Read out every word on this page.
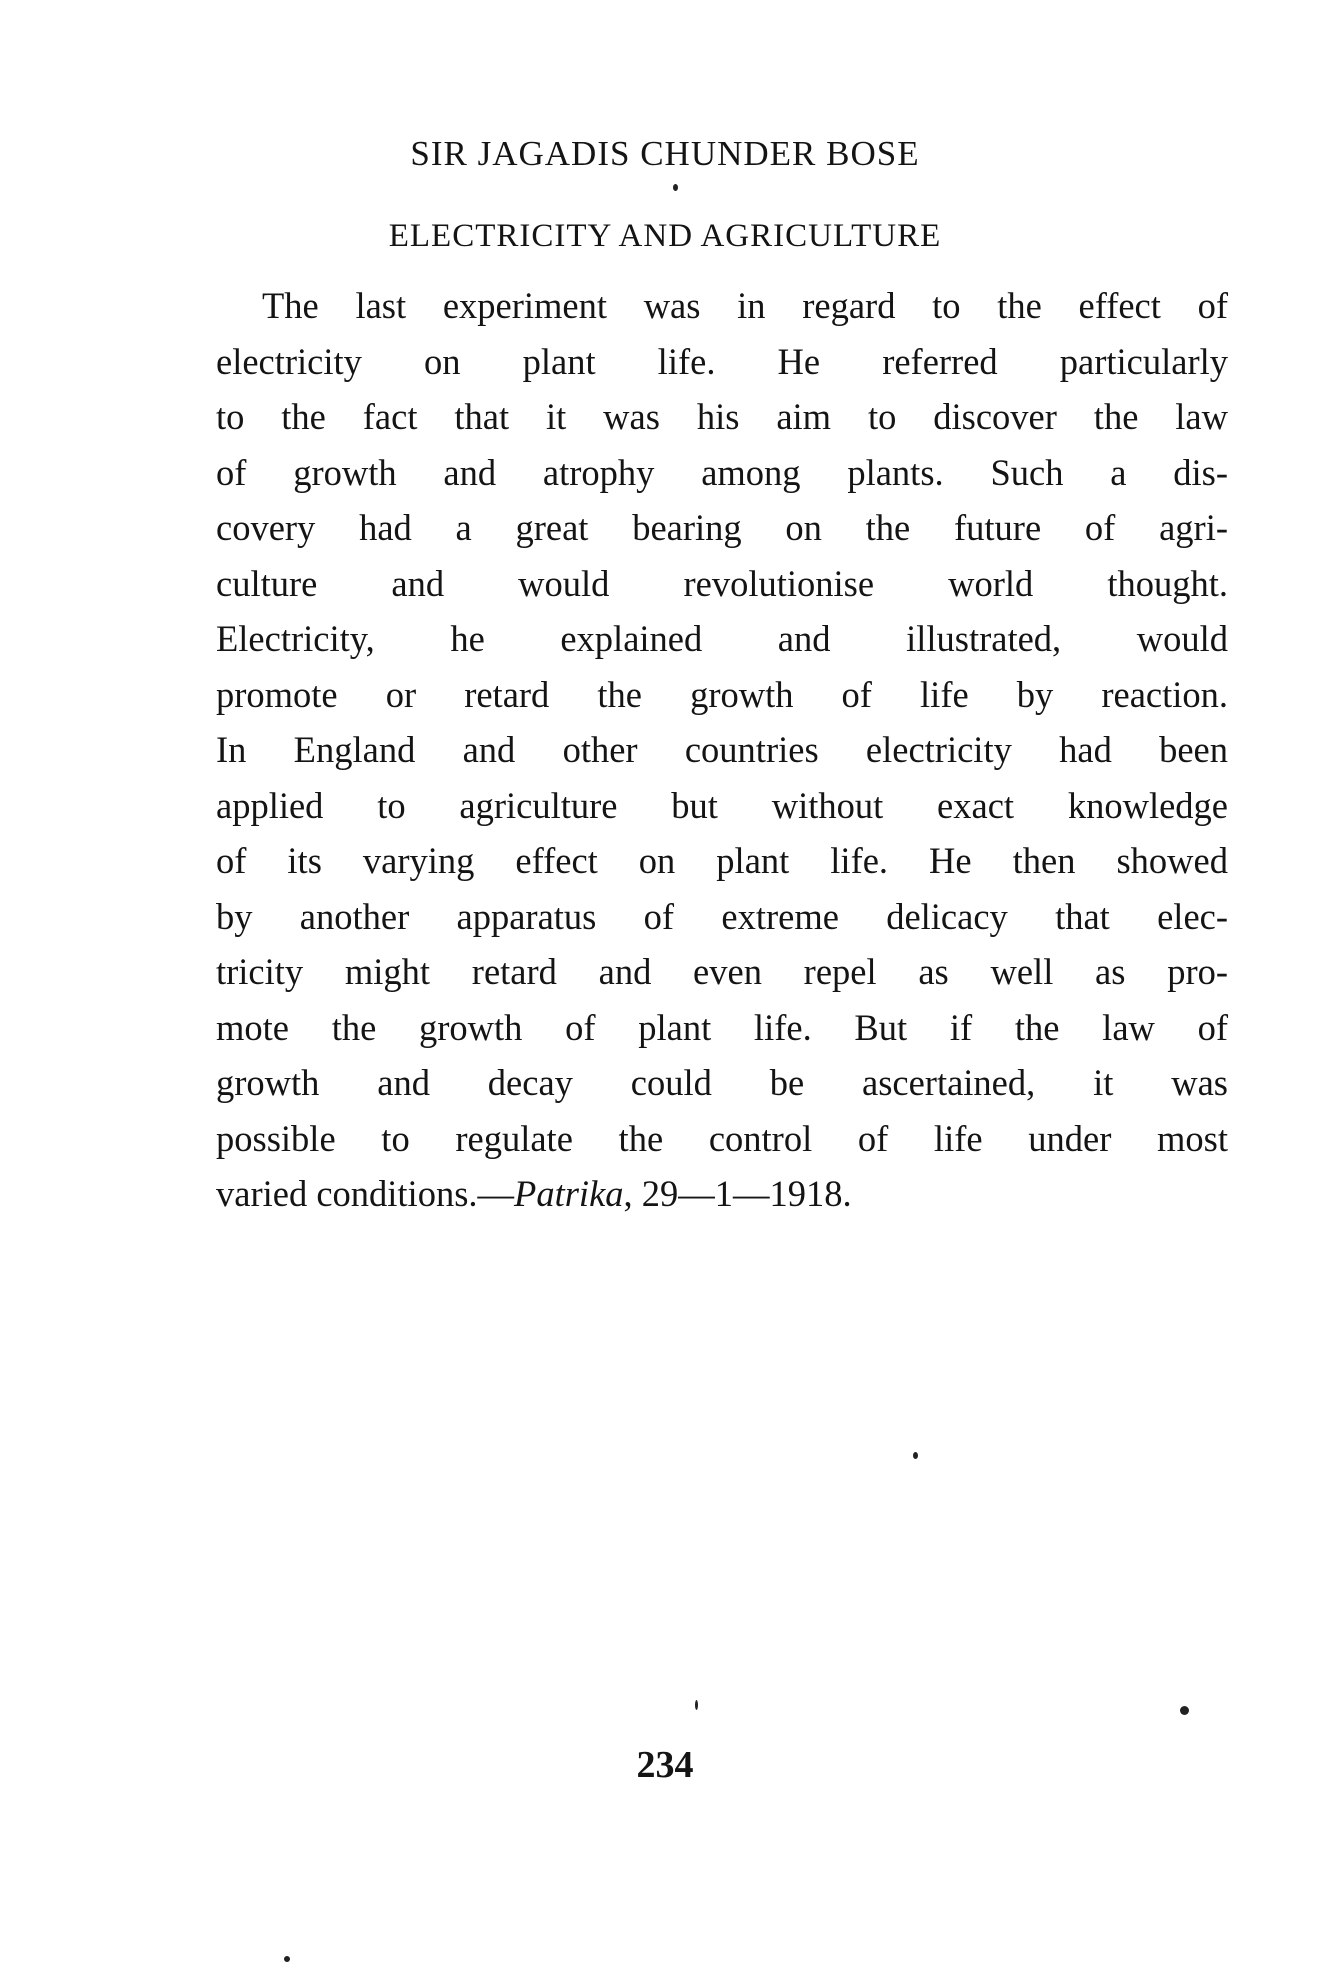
SIR JAGADIS CHUNDER BOSE
ELECTRICITY AND AGRICULTURE
The last experiment was in regard to the effect of
electricity on plant life. He referred particularly
to the fact that it was his aim to discover the law
of growth and atrophy among plants. Such a dis-
covery had a great bearing on the future of agri-
culture and would revolutionise world thought.
Electricity, he explained and illustrated, would
promote or retard the growth of life by reaction.
In England and other countries electricity had been
applied to agriculture but without exact knowledge
of its varying effect on plant life. He then showed
by another apparatus of extreme delicacy that elec-
tricity might retard and even repel as well as pro-
mote the growth of plant life. But if the law of
growth and decay could be ascertained, it was
possible to regulate the control of life under most
varied conditions.—Patrika, 29—1—1918.
234
